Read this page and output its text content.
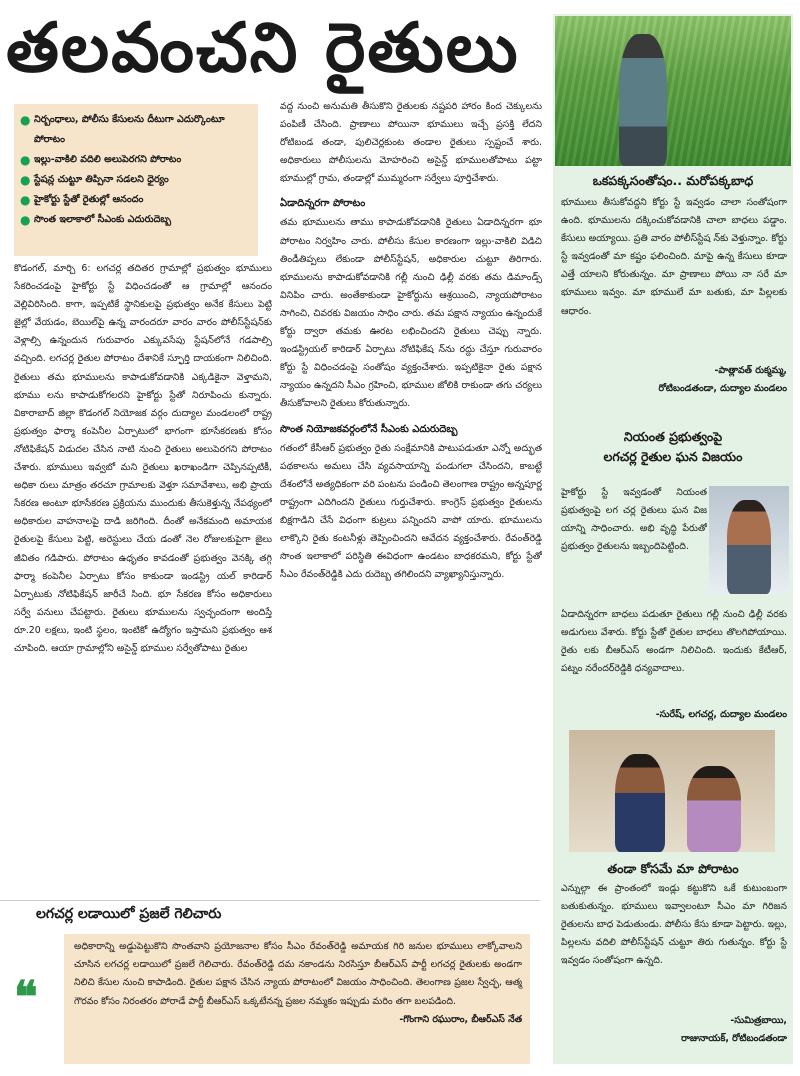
తలవంచని రైతులు
● నిర్బంధాలు, పోలీసు కేసులను దీటుగా ఎదుర్కొంటూ పోరాటం
● ఇల్లు-వాకిలి వదిలి అలుపెరగని పోరాటం
● స్టేషన్ల చుట్టూ తిప్పినా సడలని ధైర్యం
● హైకోర్టు స్టేతో రైతుల్లో ఆనందం
● సొంత ఇలాకాలో సీఎంకు ఎదురుదెబ్బ

కొడంగల్, మార్చి 6: లగచర్ల తదితర గ్రామాల్లో ప్రభుత్వం భూములు సేకరించడంపై హైకోర్టు స్టే విధించడంతో ఆ గ్రామాల్లో ఆనందం వెల్లివిరిసింది. కాగా, ఇప్పటికే స్థానికులపై ప్రభుత్వం అనేక కేసులు పెట్టి జైల్లో వేయడం, బెయిల్‌పై ఉన్న వారందరూ వారం వారం పోలీస్‌స్టేషన్‌కు వెళ్లాల్సి ఉన్నందున గురువారం ఎక్కువసేపు స్టేషన్‌లోనే గడపాల్సి వచ్చింది. లగచర్ల రైతుల పోరాటం దేశానికే స్ఫూర్తి దాయకంగా నిలిచింది. రైతులు తమ భూములను కాపాడుకోవడానికి ఎక్కడికైనా వెళ్తామని, భూము లను కాపాడుకోగలరని హైకోర్టు స్టేతో నిరూపించు కున్నారు. వికారాబాద్ జిల్లా కొడంగల్ నియోజక వర్గం దుద్యాల మండలంలో రాష్ట్ర ప్రభుత్వం ఫార్మా కంపెనీల ఏర్పాటులో భాగంగా భూసేకరణకు కోసం నోటిఫికేషన్ విడుదల చేసిన నాటి నుంచి రైతులు అలుపెరగని పోరాటం చేశారు. భూములు ఇవ్వబో మని రైతులు ఖరాఖండిగా చెప్పినప్పటికీ, అధికా రులు మాత్రం తరచూ గ్రామాలకు వెళ్తూ సమావేశాలు, అభి ప్రాయ సేకరణ అంటూ భూసేకరణ ప్రక్రియను ముందుకు తీసుకెళ్తున్న నేపథ్యంలో అధికారుల వాహనాలపై దాడి జరిగింది. దీంతో అనేకమంది అమాయక రైతులపై కేసులు పెట్టి, అరెస్టులు చేయ డంతో నెల రోజులకుపైగా జైలు జీవితం గడిపారు. పోరాటం ఉధృతం కావడంతో ప్రభుత్వం వెనక్కి తగ్గి ఫార్మా కంపెనీల ఏర్పాటు కోసం కాకుండా ఇండస్ట్రి యల్ కారిడార్ ఏర్పాటుకు నోటిఫికేషన్ జారీచే సింది. భూ సేకరణ కోసం అధికారులు సర్వే పనులు చేపట్టారు. రైతులు భూములను స్వచ్ఛందంగా అందిస్తే రూ.20 లక్షలు, ఇంటి స్థలం, ఇంటికో ఉద్యోగం ఇస్తామని ప్రభుత్వం ఆశ చూపింది. ఆయా గ్రామాల్లోని అసైన్డ్ భూముల సర్వేతోపాటు రైతుల

వద్ద నుంచి అనుమతి తీసుకొని రైతులకు నష్టపరి హారం కింద చెక్కులను పంపిణీ చేసింది. ప్రాణాలు పోయినా భూములు ఇచ్చే ప్రసక్తి లేదని రోటిబండ తండా, పులిచెర్లకుంట తండాల రైతులు స్పష్టంచే శారు. అధికారులు పోలీసులను మోహరించి అసైన్డ్ భూములతోపాటు పట్టా భూముల్లో గ్రామ, తండాల్లో ముమ్మరంగా సర్వేలు పూర్తిచేశారు.

ఏడాదిన్నరగా పోరాటం

తమ భూములను తాము కాపాడుకోవడానికి రైతులు ఏడాదిన్నరగా భూ పోరాటం నిర్వహిం చారు. పోలీసు కేసుల కారణంగా ఇల్లు-వాకిలి విడిచి తిండీతిప్పలు లేకుండా పోలీస్‌స్టేషన్, అధికారుల చుట్టూ తిరిగారు. భూములను కాపాడుకోవడానికి గల్లీ నుంచి ఢిల్లీ వరకు తమ డిమాండ్స్ వినిపిం చారు. అంతేకాకుండా హైకోర్టును ఆశ్రయించి, న్యాయపోరాటం సాగించి, చివరకు విజయం సాధిం చారు. తమ పక్షాన న్యాయం ఉన్నందుకే కోర్టు ద్వారా తమకు ఊరట లభించిందని రైతులు చెప్పు న్నారు. ఇండస్ట్రియల్ కారిడార్ ఏర్పాటు నోటిఫికేష న్‌ను రద్దు చేస్తూ గురువారం కోర్టు స్టే విధించడంపై సంతోషం వ్యక్తంచేశారు. ఇప్పటికైనా రైతు పక్షాన న్యాయం ఉన్నదని సీఎం గ్రహించి, భూముల జోలికి రాకుండా తగు చర్యలు తీసుకోవాలని రైతులు కోరుతున్నారు.

సొంత నియోజకవర్గంలోనే సీఎంకు ఎదురుదెబ్బ

గతంలో కేసీఆర్ ప్రభుత్వం రైతు సంక్షేమానికి పాటుపడుతూ ఎన్నో అద్భుత పథకాలను అమలు చేసి వ్యవసాయాన్ని పండుగలా చేసిందని, కాబట్టే దేశంలోనే అత్యధికంగా వరి పంటను పండించి తెలంగాణ రాష్ట్రం అన్నపూర్ణ రాష్ట్రంగా ఎదిగిందని రైతులు గుర్తుచేశారు. కాంగ్రెస్ ప్రభుత్వం రైతులను బిక్షగాడిని చేసే విధంగా కుట్రలు పన్నిందని వాపో యారు. భూములను లాక్కొని రైతు కంటనీళ్లు తెప్పించిందని ఆవేదన వ్యక్తంచేశారు. రేవంత్‌రెడ్డి సొంత ఇలాకాలో పరిస్థితి ఈవిధంగా ఉండటం బాధకరమని, కోర్టు స్టేతో సీఎం రేవంత్‌రెడ్డికి ఎదు రుదెబ్బ తగిలిందని వ్యాఖ్యానిస్తున్నారు.

ఒకపక్కసంతోషం.. మరోపక్కబాధ

భూములు తీసుకోవద్దని కోర్టు స్టే ఇవ్వడం చాలా సంతోషంగా ఉంది. భూములను దక్కించుకోవడానికి చాలా బాధలు పడ్డాం. కేసులు అయ్యాయి. ప్రతి వారం పోలీస్‌స్టేష న్‌కు వెళ్తున్నాం. కోర్టు స్టే ఇవ్వడంతో మా కష్టం ఫలించింది. మాపై ఉన్న కేసులు కూడా ఎత్తే యాలని కోరుతున్నం. మా ప్రాణాలు పోయి నా సరే మా భూములు ఇవ్వం. మా భూములే మా బతుకు, మా పిల్లలకు ఆధారం.

-పాత్లావత్ రుక్మమ్మ,
రోటిబండతండా, దుద్యాల మండలం
నియంత ప్రభుత్వంపై
లగచర్ల రైతుల ఘన విజయం

హైకోర్టు స్టే ఇవ్వడంతో నియంత ప్రభుత్వంపై లగ చర్ల రైతులు ఘన విజ యాన్ని సాధించారు. అభి వృద్ధి పేరుతో ప్రభుత్వం రైతులను ఇబ్బందిపెట్టింది.

ఏడాదిన్నరగా బాధలు పడుతూ రైతులు గల్లీ నుంచి ఢిల్లీ వరకు అడుగులు వేశారు. కోర్టు స్టేతో రైతుల బాధలు తొలగిపోయాయి. రైతు లకు బీఆర్ఎస్ అండగా నిలిచింది. ఇందుకు కేటీఆర్, పట్నం నరేందర్‌రెడ్డికి ధన్యవాదాలు.

-సురేష్, లగచర్ల, దుద్యాల మండలం
తండా కోసమే మా పోరాటం

ఎన్నుల్గా ఈ ప్రాంతంలో ఇండ్లు కట్టుకొని ఒకే కుటుంబంగా బతుకుతున్నం. భూములు ఇవ్వాలంటూ సీఎం మా గిరిజన రైతులను బాధ పెడుతుండు. పోలీసు కేసు కూడా పెట్టారు. ఇల్లు, పిల్లలను వదిలి పోలీస్‌స్టేషన్ చుట్టూ తిరు గుతున్నం. కోర్టు స్టే ఇవ్వడం సంతోషంగా ఉన్నది.

-సుమిత్రబాయి,
రాజునాయక్, రోటిబండతండా
లగచర్ల లడాయిలో ప్రజలే గెలిచారు
❝

అధికారాన్ని అడ్డుపెట్టుకొని సొంతవాని ప్రయోజనాల కోసం సీఎం రేవంత్‌రెడ్డి అమాయక గిరి జనుల భూములు లాక్కోవాలని చూసిన లగచర్ల లడాయిలో ప్రజలే గెలిచారు. రేవంత్‌రెడ్డి దమ నకాండను నిరసిస్తూ బీఆర్ఎస్ పార్టీ లగచర్ల రైతులకు అండగా నిలిచి కేసుల నుంచి కాపాడింది. రైతుల పక్షాన చేసిన న్యాయ పోరాటంలో విజయం సాధించింది. తెలంగాణ ప్రజల స్వేచ్ఛ, ఆత్మ గౌరవం కోసం నిరంతరం పోరాడే పార్టీ బీఆర్ఎస్ ఒక్కటేనన్న ప్రజల నమ్మకం ఇప్పుడు మరిం తగా బలపడింది.

-గొంగాని రఘురాం, బీఆర్ఎస్ నేత
